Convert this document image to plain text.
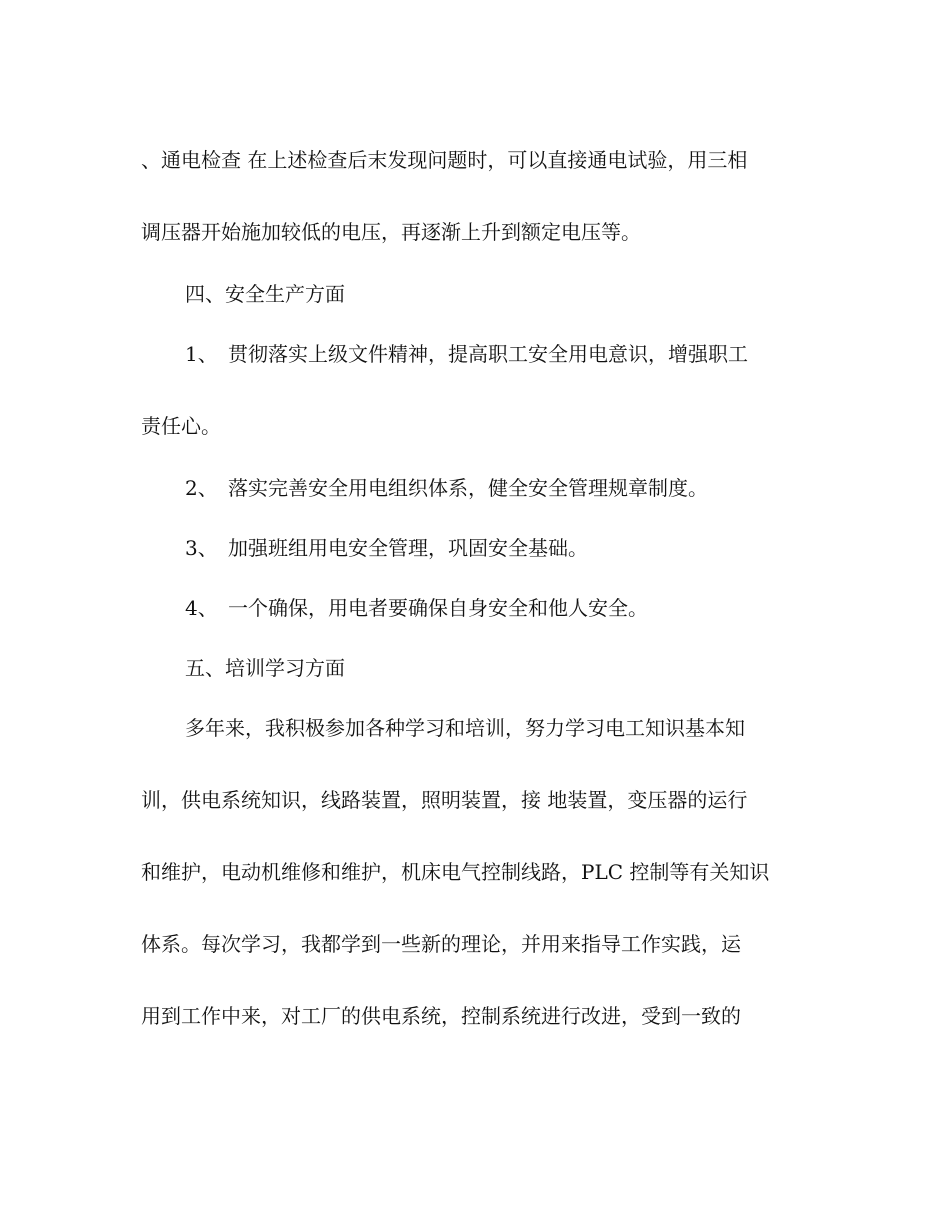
、通电检查 在上述检查后末发现问题时，可以直接通电试验，用三相
调压器开始施加较低的电压，再逐渐上升到额定电压等。
四、安全生产方面
1、 贯彻落实上级文件精神，提高职工安全用电意识，增强职工
责任心。
2、 落实完善安全用电组织体系，健全安全管理规章制度。
3、 加强班组用电安全管理，巩固安全基础。
4、 一个确保，用电者要确保自身安全和他人安全。
五、培训学习方面
多年来，我积极参加各种学习和培训，努力学习电工知识基本知
训，供电系统知识，线路装置，照明装置，接 地装置，变压器的运行
和维护，电动机维修和维护，机床电气控制线路，PLC 控制等有关知识
体系。每次学习，我都学到一些新的理论，并用来指导工作实践，运
用到工作中来，对工厂的供电系统，控制系统进行改进，受到一致的
